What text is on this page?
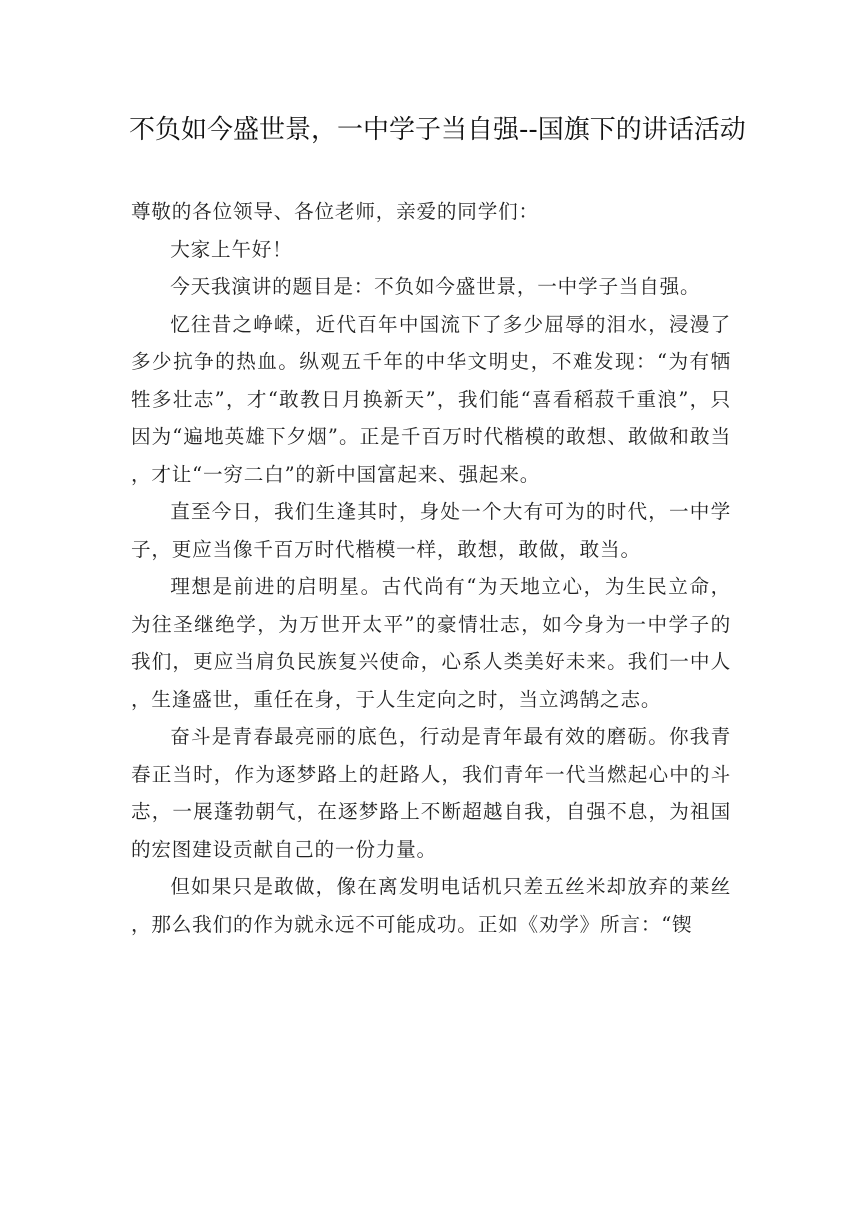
不负如今盛世景，一中学子当自强--国旗下的讲话活动

尊敬的各位领导、各位老师，亲爱的同学们：

大家上午好！

今天我演讲的题目是：不负如今盛世景，一中学子当自强。

忆往昔之峥嵘，近代百年中国流下了多少屈辱的泪水，浸漫了多少抗争的热血。纵观五千年的中华文明史，不难发现：“为有牺牲多壮志”，才“敢教日月换新天”，我们能“喜看稻菽千重浪”，只因为“遍地英雄下夕烟”。正是千百万时代楷模的敢想、敢做和敢当，才让“一穷二白”的新中国富起来、强起来。

直至今日，我们生逢其时，身处一个大有可为的时代，一中学子，更应当像千百万时代楷模一样，敢想，敢做，敢当。

理想是前进的启明星。古代尚有“为天地立心，为生民立命，为往圣继绝学，为万世开太平”的豪情壮志，如今身为一中学子的我们，更应当肩负民族复兴使命，心系人类美好未来。我们一中人，生逢盛世，重任在身，于人生定向之时，当立鸿鹄之志。

奋斗是青春最亮丽的底色，行动是青年最有效的磨砺。你我青春正当时，作为逐梦路上的赶路人，我们青年一代当燃起心中的斗志，一展蓬勃朝气，在逐梦路上不断超越自我，自强不息，为祖国的宏图建设贡献自己的一份力量。

但如果只是敢做，像在离发明电话机只差五丝米却放弃的莱丝，那么我们的作为就永远不可能成功。正如《劝学》所言：“锲
